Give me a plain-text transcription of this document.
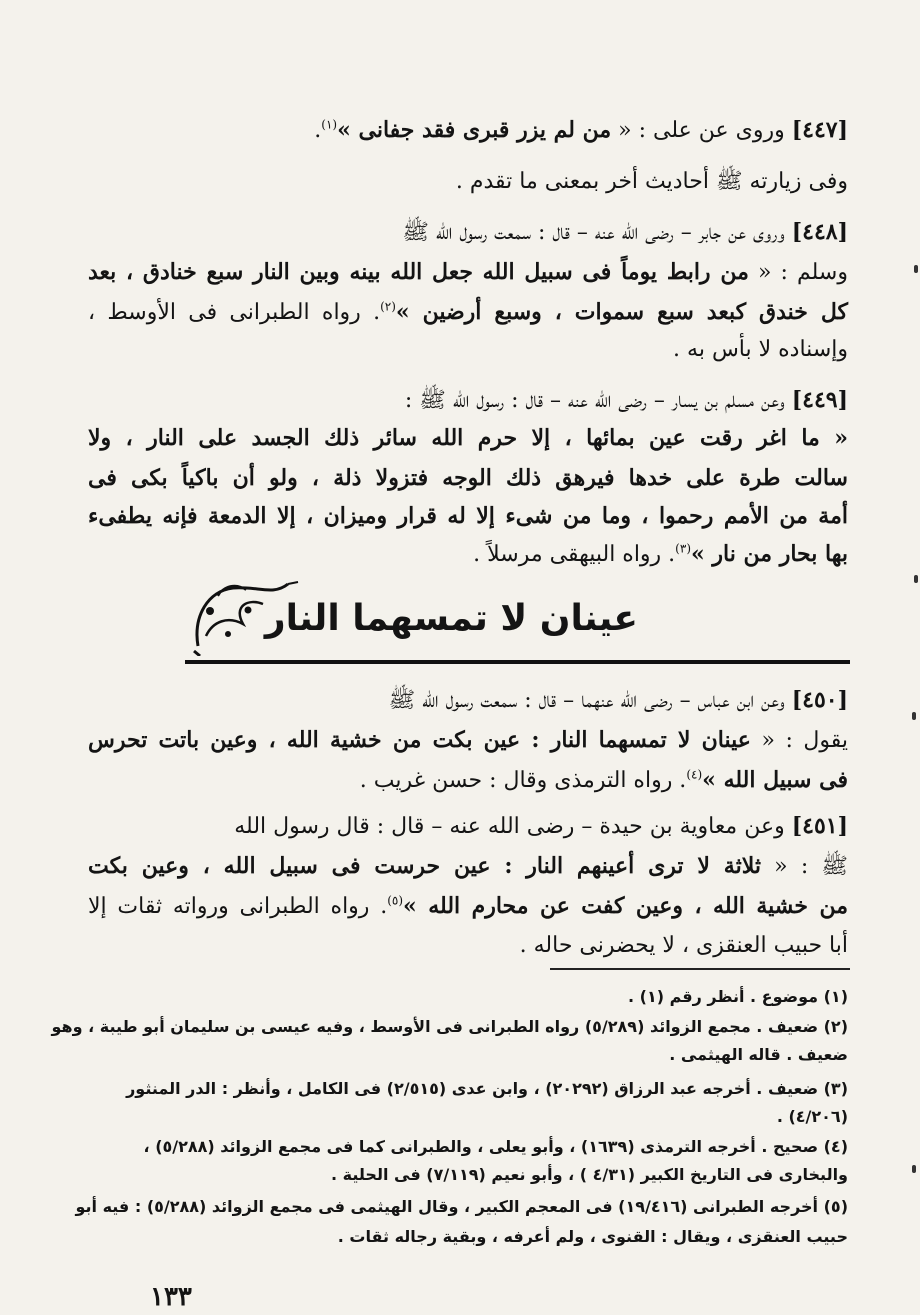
[٤٤٧] وروى عن على : « من لم يزر قبرى فقد جفانى »$^{(١)}$.
وفى زيارته ﷺ أحاديث أخر بمعنى ما تقدم .
[٤٤٨] وروى عن جابر – رضى الله عنه – قال : سمعت رسول الله ﷺ
وسلم : « من رابط يوماً فى سبيل الله جعل الله بينه وبين النار سبع خنادق ، بعد
كل خندق كبعد سبع سموات ، وسبع أرضين »$^{(٢)}$. رواه الطبرانى فى الأوسط ،
وإسناده لا بأس به .
[٤٤٩] وعن مسلم بن يسار – رضى الله عنه – قال : رسول الله ﷺ :
« ما اغر رقت عين بمائها ، إلا حرم الله سائر ذلك الجسد على النار ، ولا
سالت طرة على خدها فيرهق ذلك الوجه فتزولا ذلة ، ولو أن باكياً بكى فى
أمة من الأمم رحموا ، وما من شىء إلا له قرار وميزان ، إلا الدمعة فإنه يطفىء
بها بحار من نار »$^{(٣)}$. رواه البيهقى مرسلاً .
[٤٥٠] وعن ابن عباس – رضى الله عنهما – قال : سمعت رسول الله ﷺ
يقول : « عينان لا تمسهما النار : عين بكت من خشية الله ، وعين باتت تحرس
فى سبيل الله »$^{(٤)}$. رواه الترمذى وقال : حسن غريب .
[٤٥١] وعن معاوية بن حيدة – رضى الله عنه – قال : قال رسول الله
ﷺ : « ثلاثة لا ترى أعينهم النار : عين حرست فى سبيل الله ، وعين بكت
من خشية الله ، وعين كفت عن محارم الله »$^{(٥)}$. رواه الطبرانى ورواته ثقات إلا
أبا حبيب العنقزى ، لا يحضرنى حاله .
عينان لا تمسهما النار
(١) موضوع . أنظر رقم (١) .
(٢) ضعيف . مجمع الزوائد (٥/٢٨٩) رواه الطبرانى فى الأوسط ، وفيه عيسى بن سليمان أبو طيبة ، وهو
ضعيف . قاله الهيثمى .
(٣) ضعيف . أخرجه عبد الرزاق (٢٠٢٩٢) ، وابن عدى (٢/٥١٥) فى الكامل ، وأنظر : الدر المنثور
(٤/٢٠٦) .
(٤) صحيح . أخرجه الترمذى (١٦٣٩) ، وأبو يعلى ، والطبرانى كما فى مجمع الزوائد (٥/٢٨٨) ،
والبخارى فى التاريخ الكبير (٤/٣١ ) ، وأبو نعيم (٧/١١٩) فى الحلية .
(٥) أخرجه الطبرانى (١٩/٤١٦) فى المعجم الكبير ، وقال الهيثمى فى مجمع الزوائد (٥/٢٨٨) : فيه أبو
حبيب العنقزى ، ويقال : القنوى ، ولم أعرفه ، وبقية رجاله ثقات .
١٣٣
